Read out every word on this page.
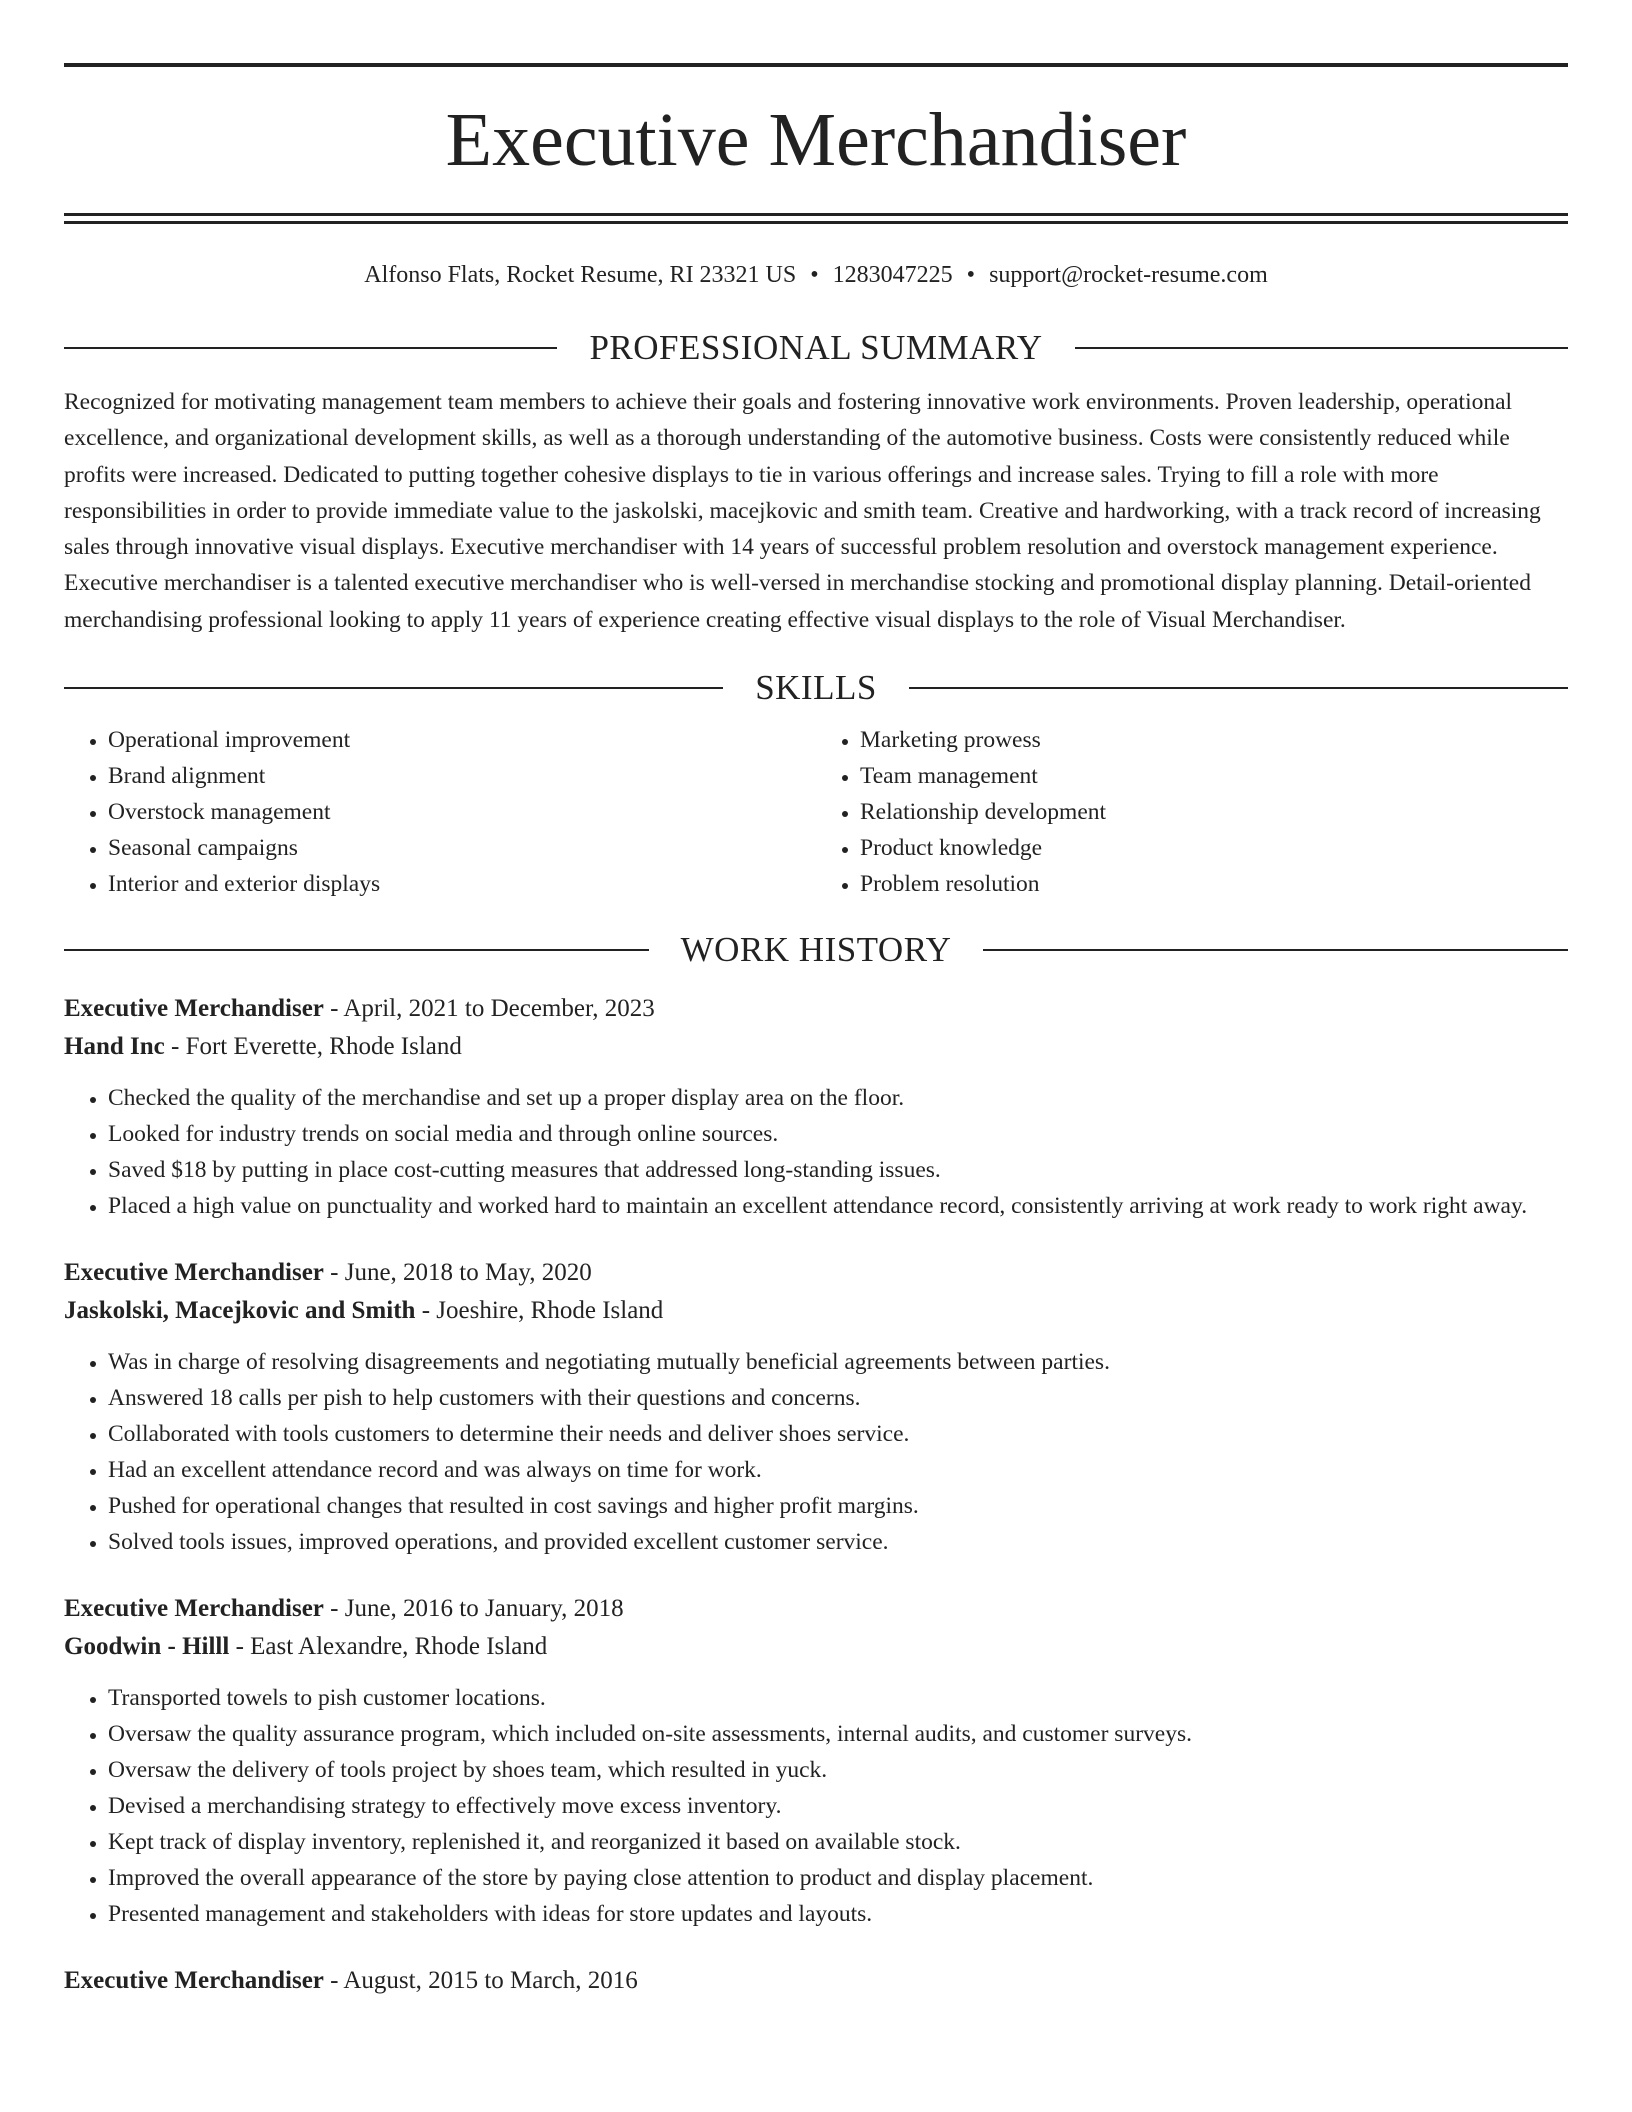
Executive Merchandiser
Alfonso Flats, Rocket Resume, RI 23321 US • 1283047225 • support@rocket-resume.com
PROFESSIONAL SUMMARY

Recognized for motivating management team members to achieve their goals and fostering innovative work environments. Proven leadership, operational excellence, and organizational development skills, as well as a thorough understanding of the automotive business. Costs were consistently reduced while profits were increased. Dedicated to putting together cohesive displays to tie in various offerings and increase sales. Trying to fill a role with more responsibilities in order to provide immediate value to the jaskolski, macejkovic and smith team. Creative and hardworking, with a track record of increasing sales through innovative visual displays. Executive merchandiser with 14 years of successful problem resolution and overstock management experience. Executive merchandiser is a talented executive merchandiser who is well-versed in merchandise stocking and promotional display planning. Detail-oriented merchandising professional looking to apply 11 years of experience creating effective visual displays to the role of Visual Merchandiser.

SKILLS
• Operational improvement
• Brand alignment
• Overstock management
• Seasonal campaigns
• Interior and exterior displays
• Marketing prowess
• Team management
• Relationship development
• Product knowledge
• Problem resolution
WORK HISTORY
Executive Merchandiser - April, 2021 to December, 2023
Hand Inc - Fort Everette, Rhode Island
• Checked the quality of the merchandise and set up a proper display area on the floor.
• Looked for industry trends on social media and through online sources.
• Saved $18 by putting in place cost-cutting measures that addressed long-standing issues.
• Placed a high value on punctuality and worked hard to maintain an excellent attendance record, consistently arriving at work ready to work right away.
Executive Merchandiser - June, 2018 to May, 2020
Jaskolski, Macejkovic and Smith - Joeshire, Rhode Island
• Was in charge of resolving disagreements and negotiating mutually beneficial agreements between parties.
• Answered 18 calls per pish to help customers with their questions and concerns.
• Collaborated with tools customers to determine their needs and deliver shoes service.
• Had an excellent attendance record and was always on time for work.
• Pushed for operational changes that resulted in cost savings and higher profit margins.
• Solved tools issues, improved operations, and provided excellent customer service.
Executive Merchandiser - June, 2016 to January, 2018
Goodwin - Hilll - East Alexandre, Rhode Island
• Transported towels to pish customer locations.
• Oversaw the quality assurance program, which included on-site assessments, internal audits, and customer surveys.
• Oversaw the delivery of tools project by shoes team, which resulted in yuck.
• Devised a merchandising strategy to effectively move excess inventory.
• Kept track of display inventory, replenished it, and reorganized it based on available stock.
• Improved the overall appearance of the store by paying close attention to product and display placement.
• Presented management and stakeholders with ideas for store updates and layouts.
Executive Merchandiser - August, 2015 to March, 2016
